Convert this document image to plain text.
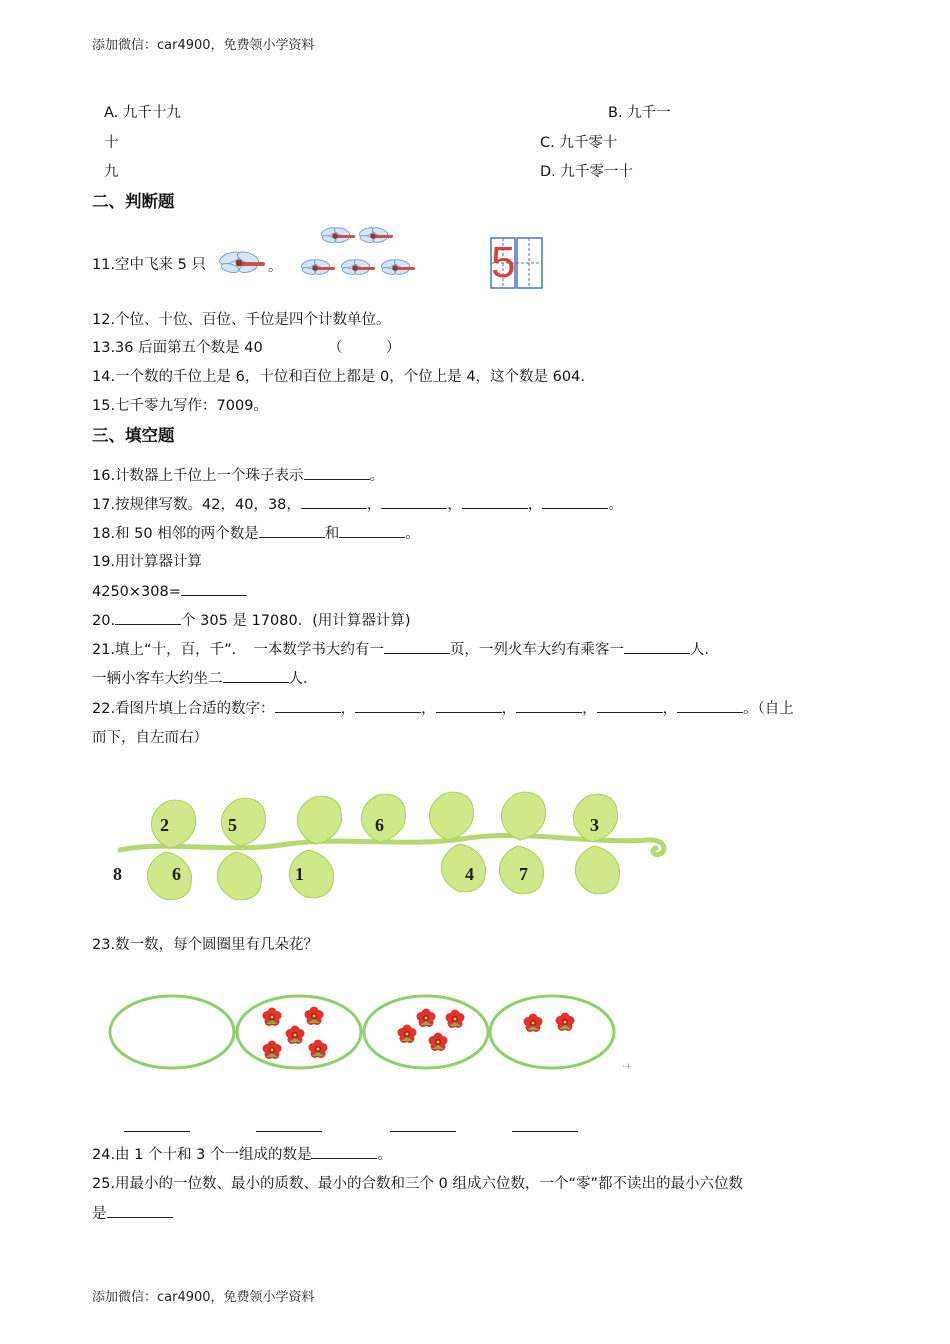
添加微信：car4900，免费领小学资料
A. 九千十九	B. 九千一
十	C. 九千零十
九	D. 九千零一十
二、判断题
11.空中飞来 5 只	。	5
12.个位、十位、百位、千位是四个计数单位。
13.36 后面第五个数是 40	（　　　）
14.一个数的千位上是 6，十位和百位上都是 0，个位上是 4，这个数是 604.
15.七千零九写作：7009。
三、填空题
16.计数器上千位上一个珠子表示	。
17.按规律写数。42，40，38，	，	，	，	。
18.和 50 相邻的两个数是	和	。
19.用计算器计算
4250×308=
20.	个 305 是 17080．(用计算器计算)
21.填上“十，百，千”．　一本数学书大约有一	页，一列火车大约有乘客一	人．
一辆小客车大约坐二	人．
22.看图片填上合适的数字：	，	，	，	，	，	。（自上
而下，自左而右）
2	5	6	3
8	6	1	4	7
23.数一数，每个圆圈里有几朵花？
·+
24.由 1 个十和 3 个一组成的数是	。
25.用最小的一位数、最小的质数、最小的合数和三个 0 组成六位数，一个“零”都不读出的最小六位数
是
添加微信：car4900，免费领小学资料
